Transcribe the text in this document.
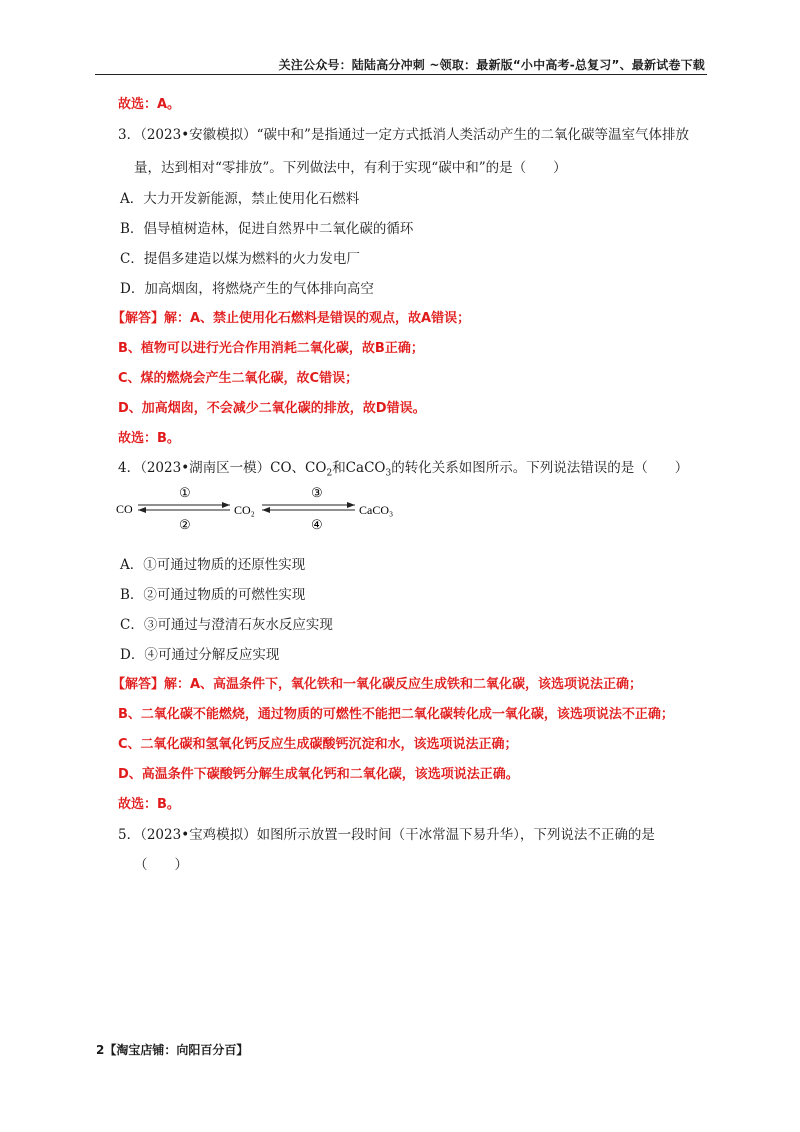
关注公众号：陆陆高分冲刺 ~领取：最新版“小中高考-总复习”、最新试卷下载
故选：A。
3．（2023•安徽模拟）“碳中和”是指通过一定方式抵消人类活动产生的二氧化碳等温室气体排放
量，达到相对“零排放”。下列做法中，有利于实现“碳中和”的是（　　）
A．大力开发新能源，禁止使用化石燃料
B．倡导植树造林，促进自然界中二氧化碳的循环
C．提倡多建造以煤为燃料的火力发电厂
D．加高烟囱，将燃烧产生的气体排向高空
【解答】解：A、禁止使用化石燃料是错误的观点，故A错误；
B、植物可以进行光合作用消耗二氧化碳，故B正确；
C、煤的燃烧会产生二氧化碳，故C错误；
D、加高烟囱，不会减少二氧化碳的排放，故D错误。
故选：B。
4．（2023•湖南区一模）CO、$CO_2$和CaCO$_3$的转化关系如图所示。下列说法错误的是（　　）
CO	CO₂	CaCO₃
①
②
③
④
A．①可通过物质的还原性实现
B．②可通过物质的可燃性实现
C．③可通过与澄清石灰水反应实现
D．④可通过分解反应实现
【解答】解：A、高温条件下，氧化铁和一氧化碳反应生成铁和二氧化碳，该选项说法正确；
B、二氧化碳不能燃烧，通过物质的可燃性不能把二氧化碳转化成一氧化碳，该选项说法不正确；
C、二氧化碳和氢氧化钙反应生成碳酸钙沉淀和水，该选项说法正确；
D、高温条件下碳酸钙分解生成氧化钙和二氧化碳，该选项说法正确。
故选：B。
5．（2023•宝鸡模拟）如图所示放置一段时间（干冰常温下易升华），下列说法不正确的是
（　　）
2【淘宝店铺：向阳百分百】
